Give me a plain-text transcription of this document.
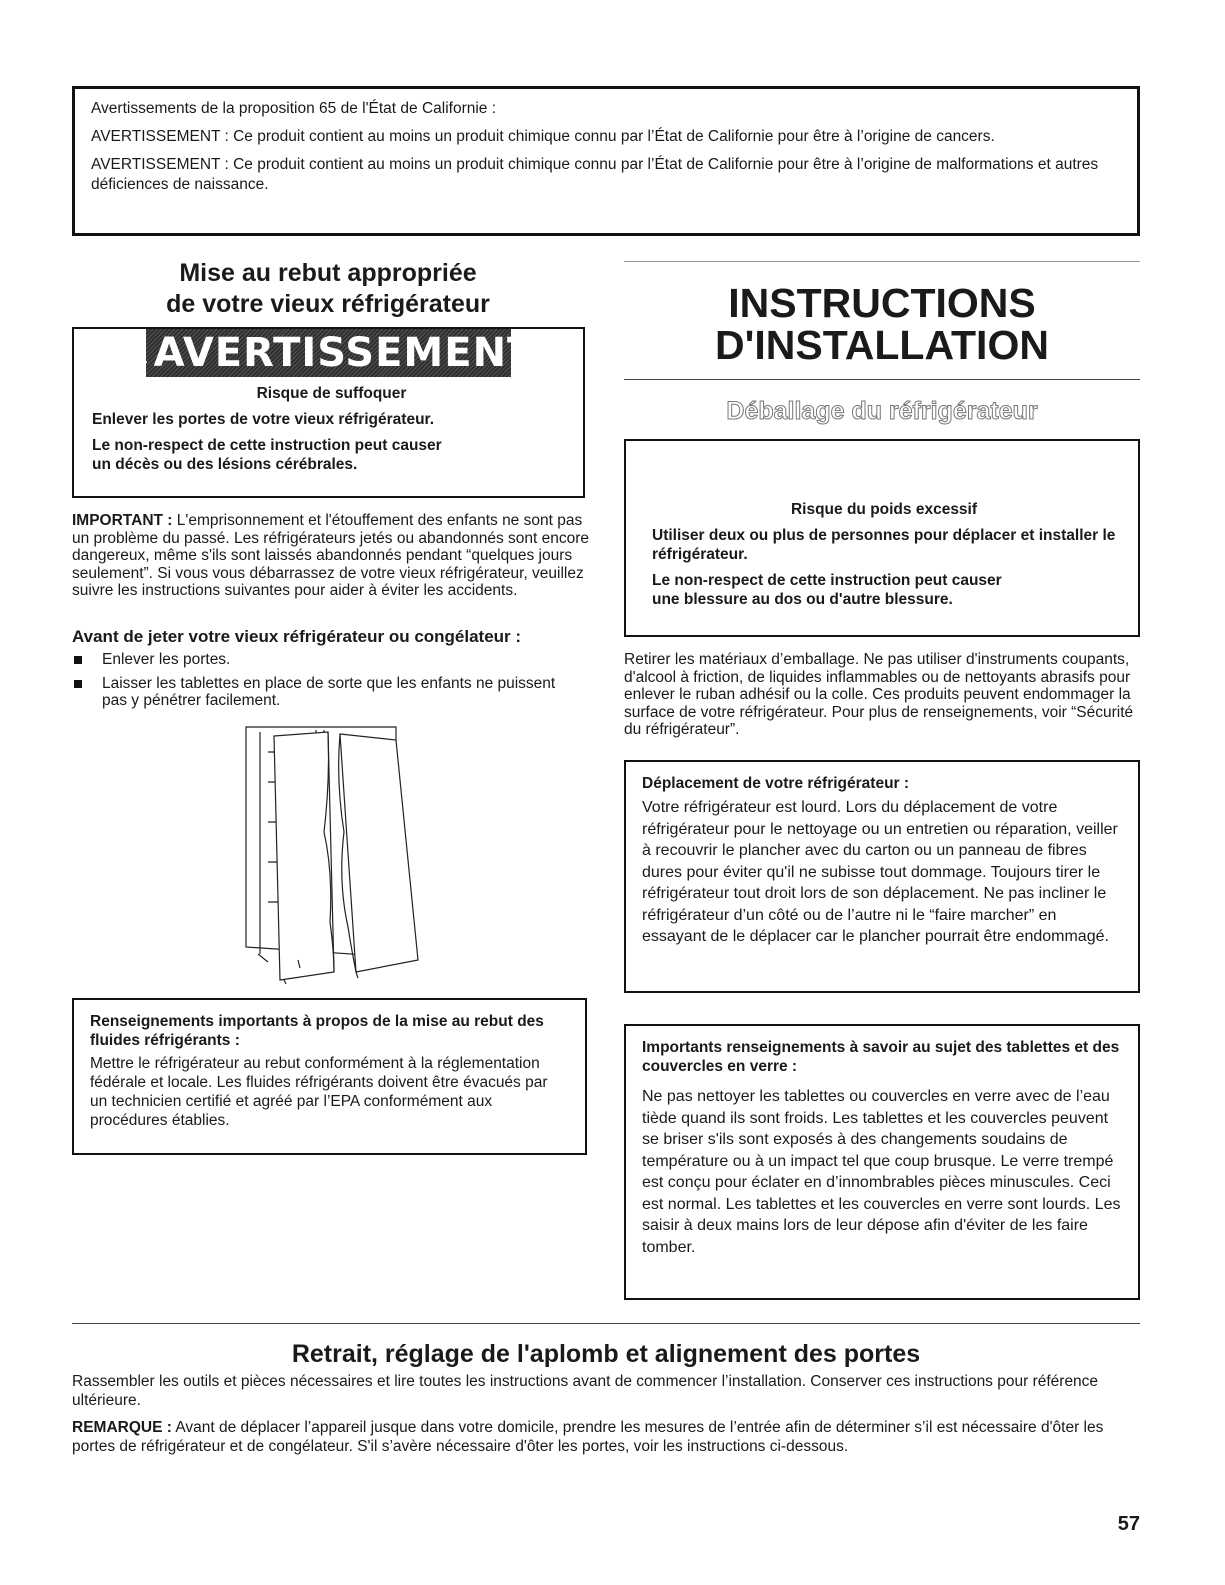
Avertissements de la proposition 65 de l'État de Californie :

AVERTISSEMENT : Ce produit contient au moins un produit chimique connu par l’État de Californie pour être à l’origine de cancers.

AVERTISSEMENT : Ce produit contient au moins un produit chimique connu par l’État de Californie pour être à l’origine de malformations et autres déficiences de naissance.

Mise au rebut appropriée
de votre vieux réfrigérateur
⚠ AVERTISSEMENT

Risque de suffoquer

Enlever les portes de votre vieux réfrigérateur.

Le non-respect de cette instruction peut causer
un décès ou des lésions cérébrales.

IMPORTANT : L'emprisonnement et l'étouffement des enfants ne sont pas un problème du passé. Les réfrigérateurs jetés ou abandonnés sont encore dangereux, même s'ils sont laissés abandonnés pendant “quelques jours seulement”. Si vous vous débarrassez de votre vieux réfrigérateur, veuillez suivre les instructions suivantes pour aider à éviter les accidents.

Avant de jeter votre vieux réfrigérateur ou congélateur :

Enlever les portes.
Laisser les tablettes en place de sorte que les enfants ne puissent pas y pénétrer facilement.

Renseignements importants à propos de la mise au rebut des fluides réfrigérants :

Mettre le réfrigérateur au rebut conformément à la réglementation fédérale et locale. Les fluides réfrigérants doivent être évacués par un technicien certifié et agréé par l’EPA conformément aux procédures établies.

INSTRUCTIONS
D'INSTALLATION
Déballage du réfrigérateur
⚠ AVERTISSEMENT

Risque du poids excessif

Utiliser deux ou plus de personnes pour déplacer et installer le réfrigérateur.

Le non-respect de cette instruction peut causer
une blessure au dos ou d'autre blessure.

Retirer les matériaux d’emballage. Ne pas utiliser d'instruments coupants, d'alcool à friction, de liquides inflammables ou de nettoyants abrasifs pour enlever le ruban adhésif ou la colle. Ces produits peuvent endommager la surface de votre réfrigérateur. Pour plus de renseignements, voir “Sécurité du réfrigérateur”.

Déplacement de votre réfrigérateur :

Votre réfrigérateur est lourd. Lors du déplacement de votre réfrigérateur pour le nettoyage ou un entretien ou réparation, veiller à recouvrir le plancher avec du carton ou un panneau de fibres dures pour éviter qu'il ne subisse tout dommage. Toujours tirer le réfrigérateur tout droit lors de son déplacement. Ne pas incliner le réfrigérateur d’un côté ou de l’autre ni le “faire marcher” en essayant de le déplacer car le plancher pourrait être endommagé.

Importants renseignements à savoir au sujet des tablettes et des couvercles en verre :

Ne pas nettoyer les tablettes ou couvercles en verre avec de l’eau tiède quand ils sont froids. Les tablettes et les couvercles peuvent se briser s'ils sont exposés à des changements soudains de température ou à un impact tel que coup brusque. Le verre trempé est conçu pour éclater en d’innombrables pièces minuscules. Ceci est normal. Les tablettes et les couvercles en verre sont lourds. Les saisir à deux mains lors de leur dépose afin d'éviter de les faire tomber.

Retrait, réglage de l'aplomb et alignement des portes

Rassembler les outils et pièces nécessaires et lire toutes les instructions avant de commencer l’installation. Conserver ces instructions pour référence ultérieure.

REMARQUE : Avant de déplacer l’appareil jusque dans votre domicile, prendre les mesures de l’entrée afin de déterminer s’il est nécessaire d'ôter les portes de réfrigérateur et de congélateur. S'il s’avère nécessaire d'ôter les portes, voir les instructions ci-dessous.

57
